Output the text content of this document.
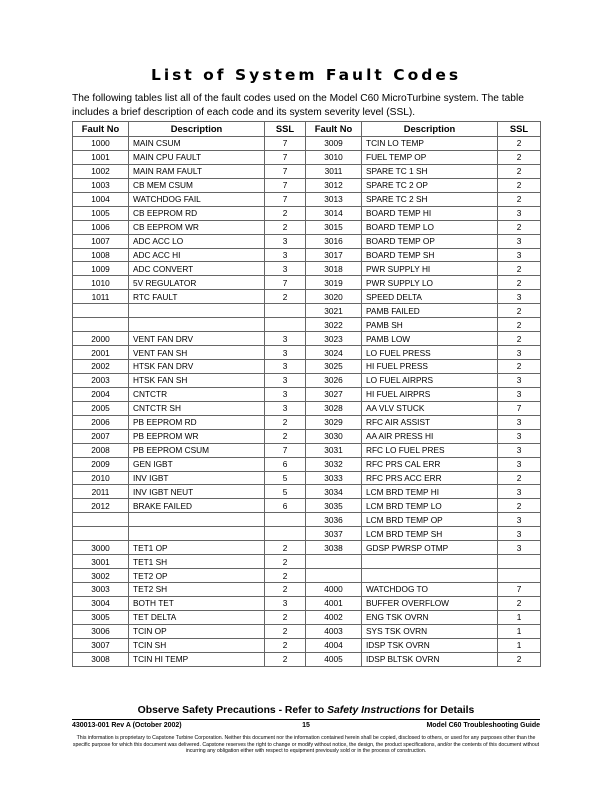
List of System Fault Codes
The following tables list all of the fault codes used on the Model C60 MicroTurbine system. The table includes a brief description of each code and its system severity level (SSL).
Fault No	Description	SSL	Fault No	Description	SSL
1000	MAIN CSUM	7	3009	TCIN LO TEMP	2
1001	MAIN CPU FAULT	7	3010	FUEL TEMP OP	2
1002	MAIN RAM FAULT	7	3011	SPARE TC 1 SH	2
1003	CB MEM CSUM	7	3012	SPARE TC 2 OP	2
1004	WATCHDOG FAIL	7	3013	SPARE TC 2 SH	2
1005	CB EEPROM RD	2	3014	BOARD TEMP HI	3
1006	CB EEPROM WR	2	3015	BOARD TEMP LO	2
1007	ADC ACC LO	3	3016	BOARD TEMP OP	3
1008	ADC ACC HI	3	3017	BOARD TEMP SH	3
1009	ADC CONVERT	3	3018	PWR SUPPLY HI	2
1010	5V REGULATOR	7	3019	PWR SUPPLY LO	2
1011	RTC FAULT	2	3020	SPEED DELTA	3
			3021	PAMB FAILED	2
			3022	PAMB SH	2
2000	VENT FAN DRV	3	3023	PAMB LOW	2
2001	VENT FAN SH	3	3024	LO FUEL PRESS	3
2002	HTSK FAN DRV	3	3025	HI FUEL PRESS	2
2003	HTSK FAN SH	3	3026	LO FUEL AIRPRS	3
2004	CNTCTR	3	3027	HI FUEL AIRPRS	3
2005	CNTCTR SH	3	3028	AA VLV STUCK	7
2006	PB EEPROM RD	2	3029	RFC AIR ASSIST	3
2007	PB EEPROM WR	2	3030	AA AIR PRESS HI	3
2008	PB EEPROM CSUM	7	3031	RFC LO FUEL PRES	3
2009	GEN IGBT	6	3032	RFC PRS CAL ERR	3
2010	INV IGBT	5	3033	RFC PRS ACC ERR	2
2011	INV IGBT NEUT	5	3034	LCM BRD TEMP HI	3
2012	BRAKE FAILED	6	3035	LCM BRD TEMP LO	2
			3036	LCM BRD TEMP OP	3
			3037	LCM BRD TEMP SH	3
3000	TET1 OP	2	3038	GDSP PWRSP OTMP	3
3001	TET1 SH	2			
3002	TET2 OP	2			
3003	TET2 SH	2	4000	WATCHDOG TO	7
3004	BOTH TET	3	4001	BUFFER OVERFLOW	2
3005	TET DELTA	2	4002	ENG TSK OVRN	1
3006	TCIN OP	2	4003	SYS TSK OVRN	1
3007	TCIN SH	2	4004	IDSP TSK OVRN	1
3008	TCIN HI TEMP	2	4005	IDSP BLTSK OVRN	2
Observe Safety Precautions - Refer to Safety Instructions for Details
430013-001 Rev A (October 2002)	15	Model C60 Troubleshooting Guide
This information is proprietary to Capstone Turbine Corporation. Neither this document nor the information contained herein shall be copied, disclosed to others, or used for any purposes other than the specific purpose for which this document was delivered. Capstone reserves the right to change or modify without notice, the design, the product specifications, and/or the contents of this document without incurring any obligation either with respect to equipment previously sold or in the process of construction.
